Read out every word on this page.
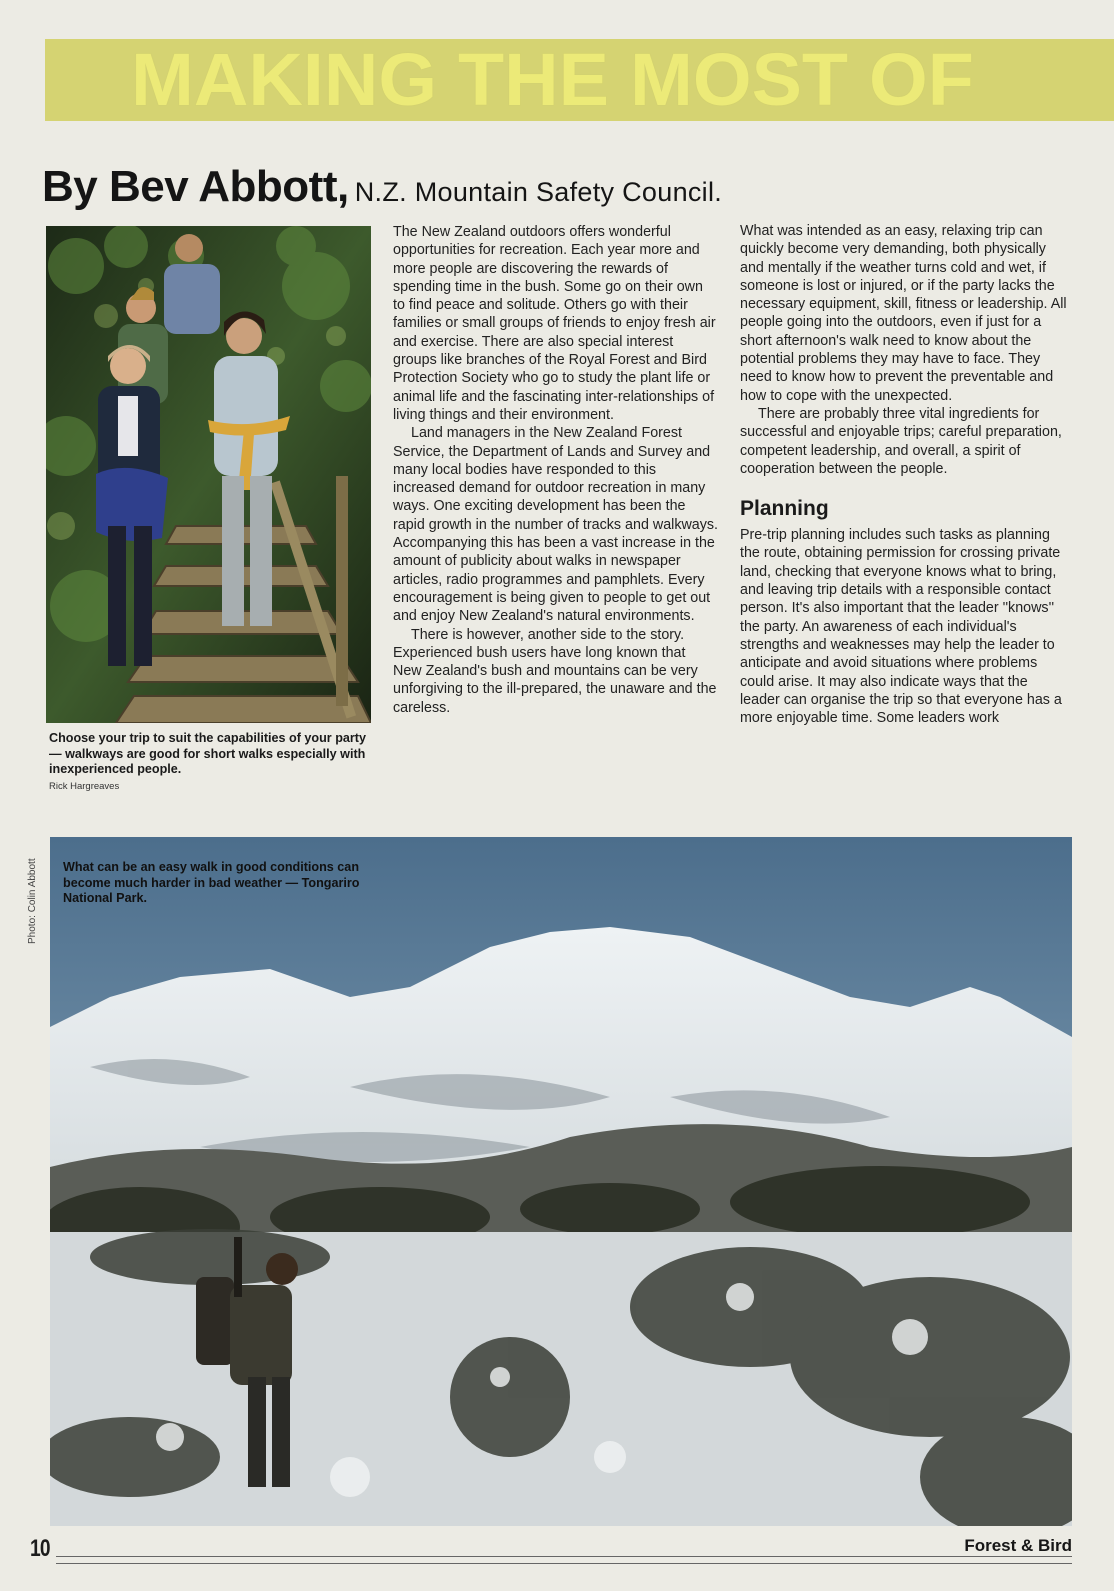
MAKING THE MOST OF
By Bev Abbott, N.Z. Mountain Safety Council.

Choose your trip to suit the capabilities of your party — walkways are good for short walks especially with inexperienced people.

Rick Hargreaves

The New Zealand outdoors offers wonderful opportunities for recreation. Each year more and more people are discovering the rewards of spending time in the bush. Some go on their own to find peace and solitude. Others go with their families or small groups of friends to enjoy fresh air and exercise. There are also special interest groups like branches of the Royal Forest and Bird Protection Society who go to study the plant life or animal life and the fascinating inter-relationships of living things and their environment.

Land managers in the New Zealand Forest Service, the Department of Lands and Survey and many local bodies have responded to this increased demand for outdoor recreation in many ways. One exciting development has been the rapid growth in the number of tracks and walkways. Accompanying this has been a vast increase in the amount of publicity about walks in newspaper articles, radio programmes and pamphlets. Every encouragement is being given to people to get out and enjoy New Zealand's natural environments.

There is however, another side to the story. Experienced bush users have long known that New Zealand's bush and mountains can be very unforgiving to the ill-prepared, the unaware and the careless.

What was intended as an easy, relaxing trip can quickly become very demanding, both physically and mentally if the weather turns cold and wet, if someone is lost or injured, or if the party lacks the necessary equipment, skill, fitness or leadership. All people going into the outdoors, even if just for a short afternoon's walk need to know about the potential problems they may have to face. They need to know how to prevent the preventable and how to cope with the unexpected.

There are probably three vital ingredients for successful and enjoyable trips; careful preparation, competent leadership, and overall, a spirit of cooperation between the people.

Planning

Pre-trip planning includes such tasks as planning the route, obtaining permission for crossing private land, checking that everyone knows what to bring, and leaving trip details with a responsible contact person. It's also important that the leader ''knows'' the party. An awareness of each individual's strengths and weaknesses may help the leader to anticipate and avoid situations where problems could arise. It may also indicate ways that the leader can organise the trip so that everyone has a more enjoyable time. Some leaders work

What can be an easy walk in good conditions can become much harder in bad weather — Tongariro National Park.

Photo: Colin Abbott

10	Forest & Bird
